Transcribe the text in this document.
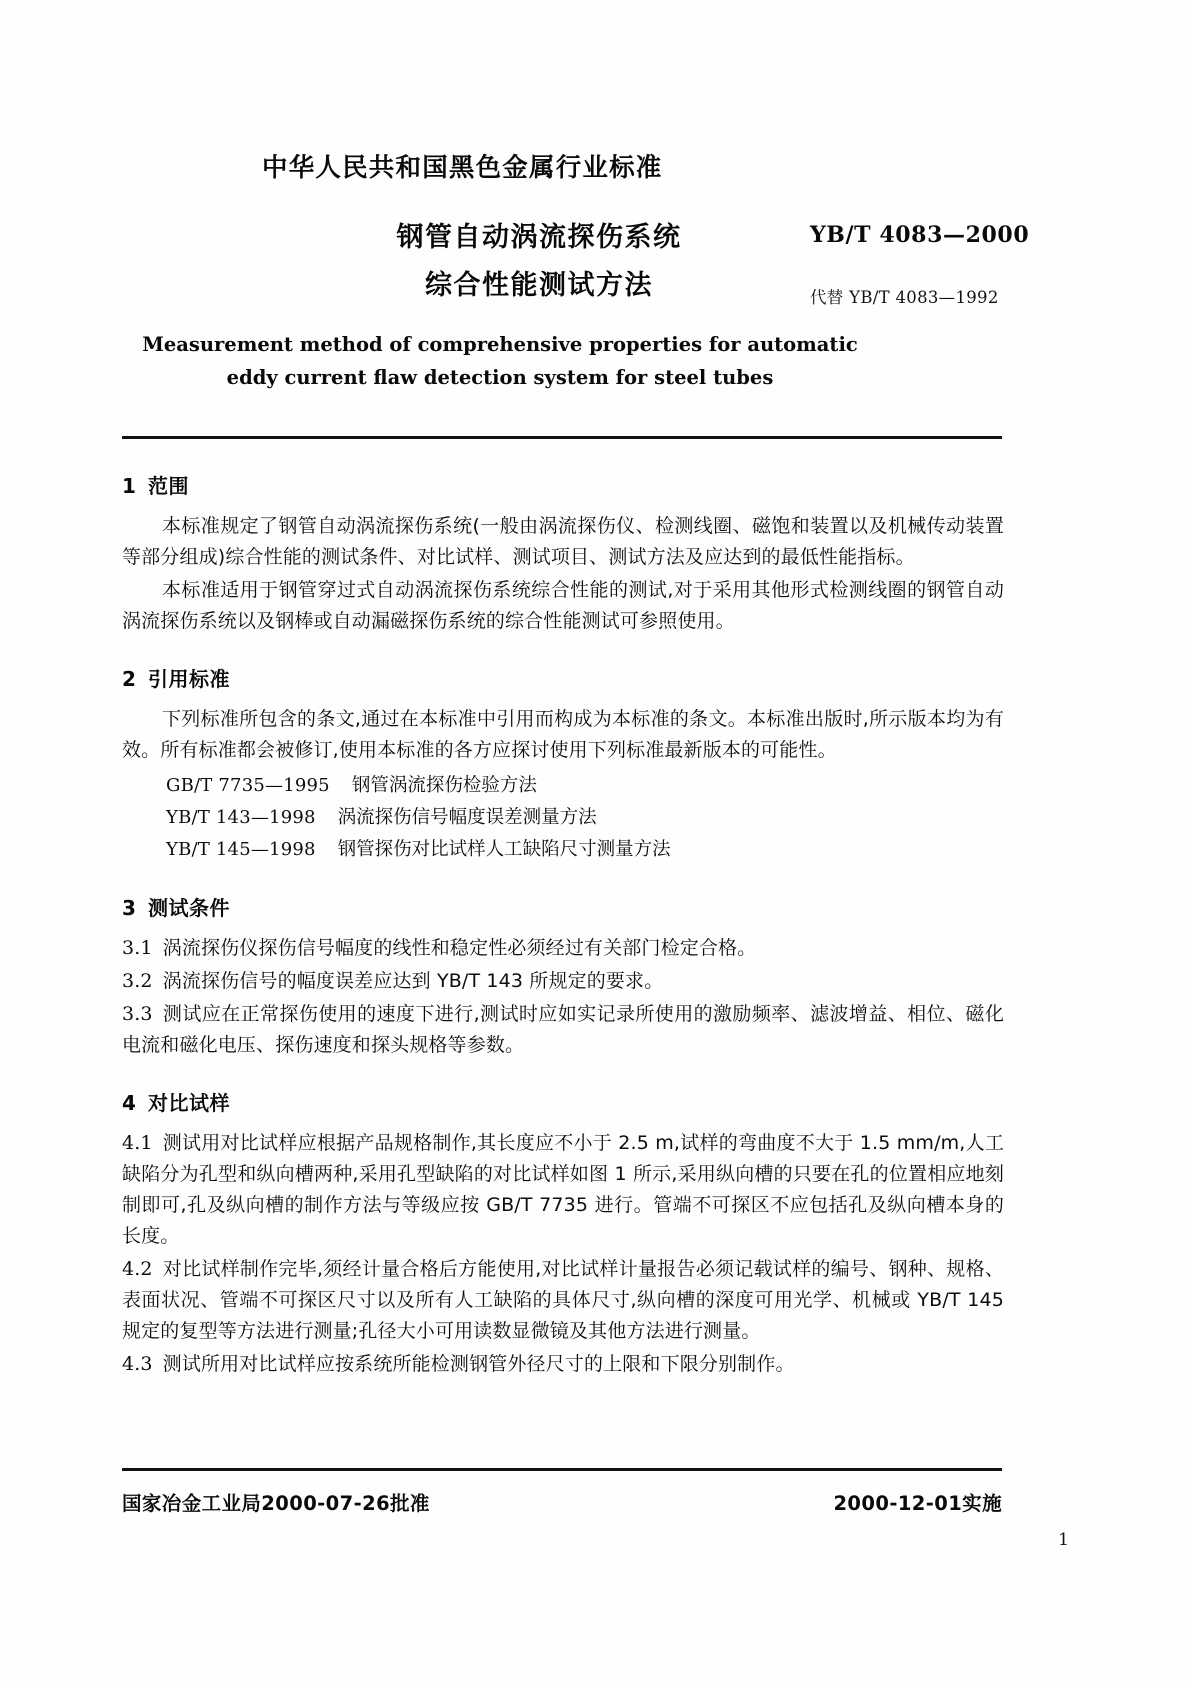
中华人民共和国黑色金属行业标准
钢管自动涡流探伤系统
综合性能测试方法
YB/T 4083—2000
代替 YB/T 4083—1992
Measurement method of comprehensive properties for automatic
eddy current flaw detection system for steel tubes
1 范围

本标准规定了钢管自动涡流探伤系统(一般由涡流探伤仪、检测线圈、磁饱和装置以及机械传动装置等部分组成)综合性能的测试条件、对比试样、测试项目、测试方法及应达到的最低性能指标。

本标准适用于钢管穿过式自动涡流探伤系统综合性能的测试,对于采用其他形式检测线圈的钢管自动涡流探伤系统以及钢棒或自动漏磁探伤系统的综合性能测试可参照使用。

2 引用标准

下列标准所包含的条文,通过在本标准中引用而构成为本标准的条文。本标准出版时,所示版本均为有效。所有标准都会被修订,使用本标准的各方应探讨使用下列标准最新版本的可能性。

GB/T 7735—1995 钢管涡流探伤检验方法
YB/T 143—1998 涡流探伤信号幅度误差测量方法
YB/T 145—1998 钢管探伤对比试样人工缺陷尺寸测量方法
3 测试条件
3.1 涡流探伤仪探伤信号幅度的线性和稳定性必须经过有关部门检定合格。
3.2 涡流探伤信号的幅度误差应达到 YB/T 143 所规定的要求。
3.3 测试应在正常探伤使用的速度下进行,测试时应如实记录所使用的激励频率、滤波增益、相位、磁化电流和磁化电压、探伤速度和探头规格等参数。
4 对比试样
4.1 测试用对比试样应根据产品规格制作,其长度应不小于 2.5 m,试样的弯曲度不大于 1.5 mm/m,人工缺陷分为孔型和纵向槽两种,采用孔型缺陷的对比试样如图 1 所示,采用纵向槽的只要在孔的位置相应地刻制即可,孔及纵向槽的制作方法与等级应按 GB/T 7735 进行。管端不可探区不应包括孔及纵向槽本身的长度。
4.2 对比试样制作完毕,须经计量合格后方能使用,对比试样计量报告必须记载试样的编号、钢种、规格、表面状况、管端不可探区尺寸以及所有人工缺陷的具体尺寸,纵向槽的深度可用光学、机械或 YB/T 145规定的复型等方法进行测量;孔径大小可用读数显微镜及其他方法进行测量。
4.3 测试所用对比试样应按系统所能检测钢管外径尺寸的上限和下限分别制作。
国家冶金工业局2000-07-26批准	2000-12-01实施
1
